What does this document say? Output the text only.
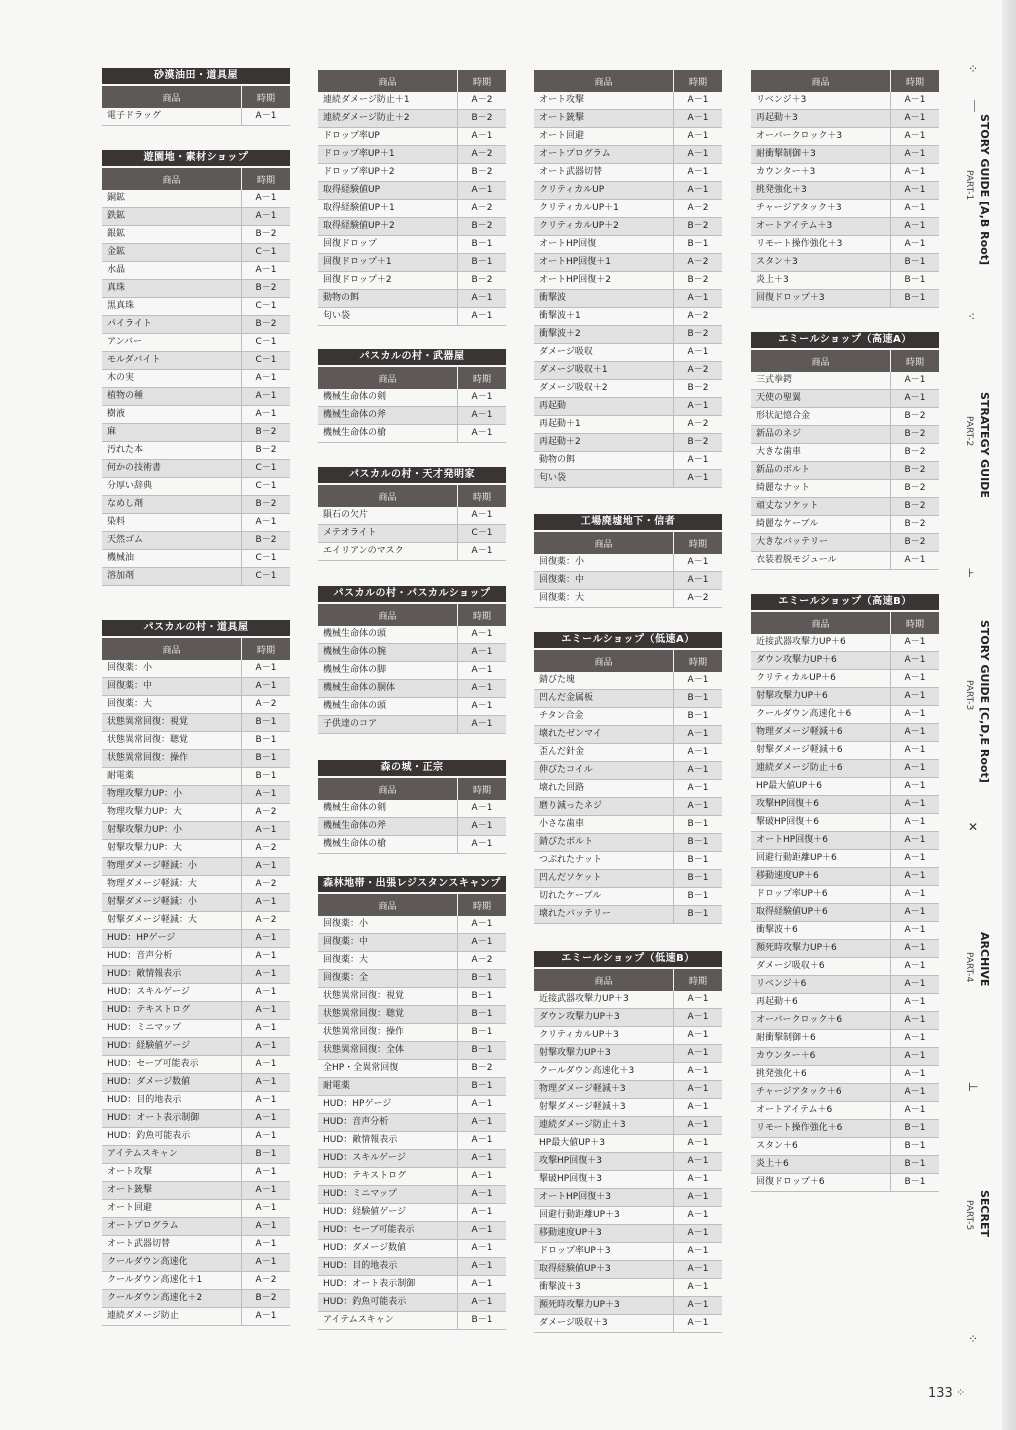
砂漠油田・道具屋
商品	時期
電子ドラッグ	A－1
遊園地・素材ショップ
商品	時期
銅鉱	A－1
鉄鉱	A－1
銀鉱	B－2
金鉱	C－1
水晶	A－1
真珠	B－2
黒真珠	C－1
パイライト	B－2
アンバー	C－1
モルダバイト	C－1
木の実	A－1
植物の種	A－1
樹液	A－1
麻	B－2
汚れた本	B－2
何かの技術書	C－1
分厚い辞典	C－1
なめし剤	B－2
染料	A－1
天然ゴム	B－2
機械油	C－1
溶加剤	C－1
パスカルの村・道具屋
商品	時期
回復薬：小	A－1
回復薬：中	A－1
回復薬：大	A－2
状態異常回復：視覚	B－1
状態異常回復：聴覚	B－1
状態異常回復：操作	B－1
耐電薬	B－1
物理攻撃力UP：小	A－1
物理攻撃力UP：大	A－2
射撃攻撃力UP：小	A－1
射撃攻撃力UP：大	A－2
物理ダメージ軽減：小	A－1
物理ダメージ軽減：大	A－2
射撃ダメージ軽減：小	A－1
射撃ダメージ軽減：大	A－2
HUD：HPゲージ	A－1
HUD：音声分析	A－1
HUD：敵情報表示	A－1
HUD：スキルゲージ	A－1
HUD：テキストログ	A－1
HUD：ミニマップ	A－1
HUD：経験値ゲージ	A－1
HUD：セーブ可能表示	A－1
HUD：ダメージ数値	A－1
HUD：目的地表示	A－1
HUD：オート表示制御	A－1
HUD：釣魚可能表示	A－1
アイテムスキャン	B－1
オート攻撃	A－1
オート銃撃	A－1
オート回避	A－1
オートプログラム	A－1
オート武器切替	A－1
クールダウン高速化	A－1
クールダウン高速化＋1	A－2
クールダウン高速化＋2	B－2
連続ダメージ防止	A－1
商品	時期
連続ダメージ防止＋1	A－2
連続ダメージ防止＋2	B－2
ドロップ率UP	A－1
ドロップ率UP＋1	A－2
ドロップ率UP＋2	B－2
取得経験値UP	A－1
取得経験値UP＋1	A－2
取得経験値UP＋2	B－2
回復ドロップ	B－1
回復ドロップ＋1	B－1
回復ドロップ＋2	B－2
動物の餌	A－1
匂い袋	A－1
パスカルの村・武器屋
商品	時期
機械生命体の剣	A－1
機械生命体の斧	A－1
機械生命体の槍	A－1
パスカルの村・天才発明家
商品	時期
隕石の欠片	A－1
メテオライト	C－1
エイリアンのマスク	A－1
パスカルの村・パスカルショップ
商品	時期
機械生命体の頭	A－1
機械生命体の腕	A－1
機械生命体の脚	A－1
機械生命体の胴体	A－1
機械生命体の頭	A－1
子供達のコア	A－1
森の城・正宗
商品	時期
機械生命体の剣	A－1
機械生命体の斧	A－1
機械生命体の槍	A－1
森林地帯・出張レジスタンスキャンプ
商品	時期
回復薬：小	A－1
回復薬：中	A－1
回復薬：大	A－2
回復薬：全	B－1
状態異常回復：視覚	B－1
状態異常回復：聴覚	B－1
状態異常回復：操作	B－1
状態異常回復：全体	B－1
全HP・全異常回復	B－2
耐電薬	B－1
HUD：HPゲージ	A－1
HUD：音声分析	A－1
HUD：敵情報表示	A－1
HUD：スキルゲージ	A－1
HUD：テキストログ	A－1
HUD：ミニマップ	A－1
HUD：経験値ゲージ	A－1
HUD：セーブ可能表示	A－1
HUD：ダメージ数値	A－1
HUD：目的地表示	A－1
HUD：オート表示制御	A－1
HUD：釣魚可能表示	A－1
アイテムスキャン	B－1
商品	時期
オート攻撃	A－1
オート銃撃	A－1
オート回避	A－1
オートプログラム	A－1
オート武器切替	A－1
クリティカルUP	A－1
クリティカルUP＋1	A－2
クリティカルUP＋2	B－2
オートHP回復	B－1
オートHP回復＋1	A－2
オートHP回復＋2	B－2
衝撃波	A－1
衝撃波＋1	A－2
衝撃波＋2	B－2
ダメージ吸収	A－1
ダメージ吸収＋1	A－2
ダメージ吸収＋2	B－2
再起動	A－1
再起動＋1	A－2
再起動＋2	B－2
動物の餌	A－1
匂い袋	A－1
工場廃墟地下・信者
商品	時期
回復薬：小	A－1
回復薬：中	A－1
回復薬：大	A－2
エミールショップ（低速A）
商品	時期
錆びた塊	A－1
凹んだ金属板	B－1
チタン合金	B－1
壊れたゼンマイ	A－1
歪んだ針金	A－1
伸びたコイル	A－1
壊れた回路	A－1
磨り減ったネジ	A－1
小さな歯車	B－1
錆びたボルト	B－1
つぶれたナット	B－1
凹んだソケット	B－1
切れたケーブル	B－1
壊れたバッテリー	B－1
エミールショップ（低速B）
商品	時期
近接武器攻撃力UP＋3	A－1
ダウン攻撃力UP＋3	A－1
クリティカルUP＋3	A－1
射撃攻撃力UP＋3	A－1
クールダウン高速化＋3	A－1
物理ダメージ軽減＋3	A－1
射撃ダメージ軽減＋3	A－1
連続ダメージ防止＋3	A－1
HP最大値UP＋3	A－1
攻撃HP回復＋3	A－1
撃破HP回復＋3	A－1
オートHP回復＋3	A－1
回避行動距離UP＋3	A－1
移動速度UP＋3	A－1
ドロップ率UP＋3	A－1
取得経験値UP＋3	A－1
衝撃波＋3	A－1
瀕死時攻撃力UP＋3	A－1
ダメージ吸収＋3	A－1
商品	時期
リベンジ＋3	A－1
再起動＋3	A－1
オーバークロック＋3	A－1
耐衝撃制御＋3	A－1
カウンター＋3	A－1
挑発強化＋3	A－1
チャージアタック＋3	A－1
オートアイテム＋3	A－1
リモート操作強化＋3	A－1
スタン＋3	B－1
炎上＋3	B－1
回復ドロップ＋3	B－1
エミールショップ（高速A）
商品	時期
三式拳鍔	A－1
天使の聖翼	A－1
形状記憶合金	B－2
新品のネジ	B－2
大きな歯車	B－2
新品のボルト	B－2
綺麗なナット	B－2
頑丈なソケット	B－2
綺麗なケーブル	B－2
大きなバッテリー	B－2
衣装着脱モジュール	A－1
エミールショップ（高速B）
商品	時期
近接武器攻撃力UP＋6	A－1
ダウン攻撃力UP＋6	A－1
クリティカルUP＋6	A－1
射撃攻撃力UP＋6	A－1
クールダウン高速化＋6	A－1
物理ダメージ軽減＋6	A－1
射撃ダメージ軽減＋6	A－1
連続ダメージ防止＋6	A－1
HP最大値UP＋6	A－1
攻撃HP回復＋6	A－1
撃破HP回復＋6	A－1
オートHP回復＋6	A－1
回避行動距離UP＋6	A－1
移動速度UP＋6	A－1
ドロップ率UP＋6	A－1
取得経験値UP＋6	A－1
衝撃波＋6	A－1
瀕死時攻撃力UP＋6	A－1
ダメージ吸収＋6	A－1
リベンジ＋6	A－1
再起動＋6	A－1
オーバークロック＋6	A－1
耐衝撃制御＋6	A－1
カウンター＋6	A－1
挑発強化＋6	A－1
チャージアタック＋6	A－1
オートアイテム＋6	A－1
リモート操作強化＋6	B－1
スタン＋6	B－1
炎上＋6	B－1
回復ドロップ＋6	B－1
⁘
STORY GUIDE [A,B Root]
PART-1
⁖
STRATEGY GUIDE
PART-2
⊦
STORY GUIDE [C,D,E Root]
PART-3
✕
ARCHIVE
PART-4
⊢
SECRET
PART-5
⁘
133 ⁘
